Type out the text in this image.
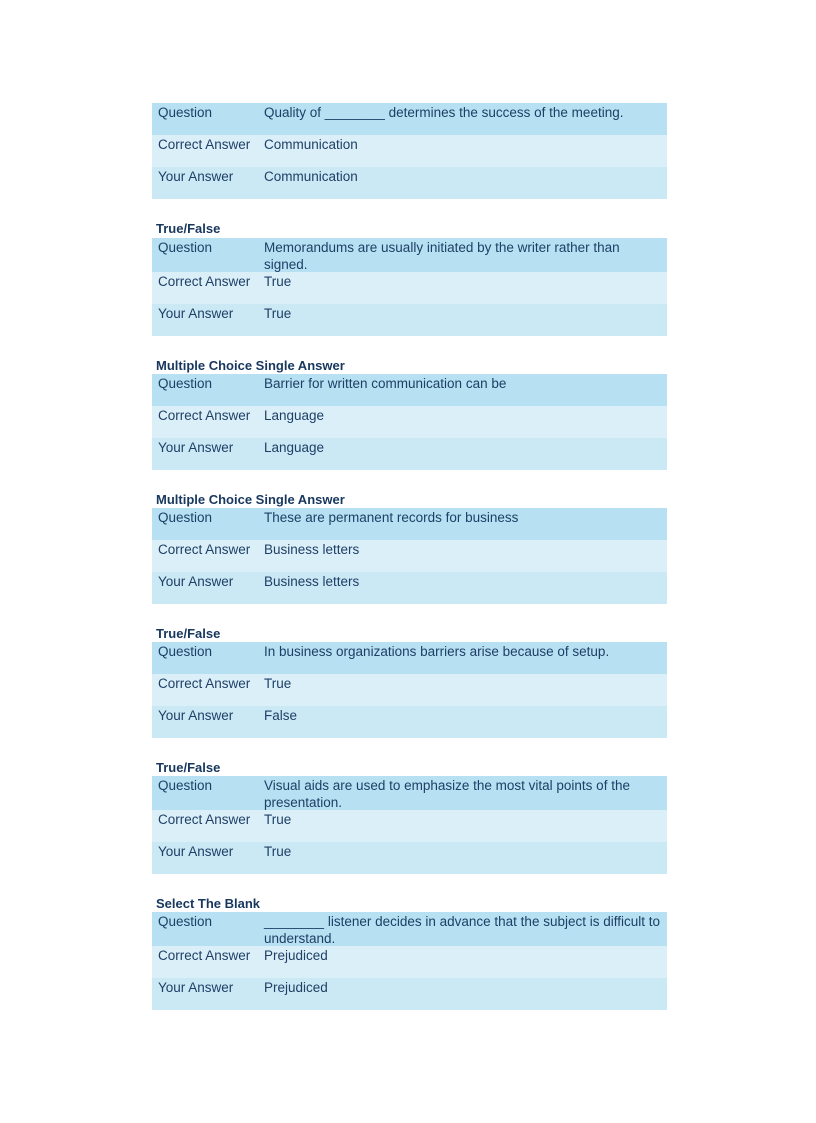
Question	Quality of ________ determines the success of the meeting.
Correct Answer	Communication
Your Answer	Communication
True/False
Question	Memorandums are usually initiated by the writer rather than signed.
Correct Answer	True
Your Answer	True
Multiple Choice Single Answer
Question	Barrier for written communication can be
Correct Answer	Language
Your Answer	Language
Multiple Choice Single Answer
Question	These are permanent records for business
Correct Answer	Business letters
Your Answer	Business letters
True/False
Question	In business organizations barriers arise because of setup.
Correct Answer	True
Your Answer	False
True/False
Question	Visual aids are used to emphasize the most vital points of the presentation.
Correct Answer	True
Your Answer	True
Select The Blank
Question	________ listener decides in advance that the subject is difficult to understand.
Correct Answer	Prejudiced
Your Answer	Prejudiced
